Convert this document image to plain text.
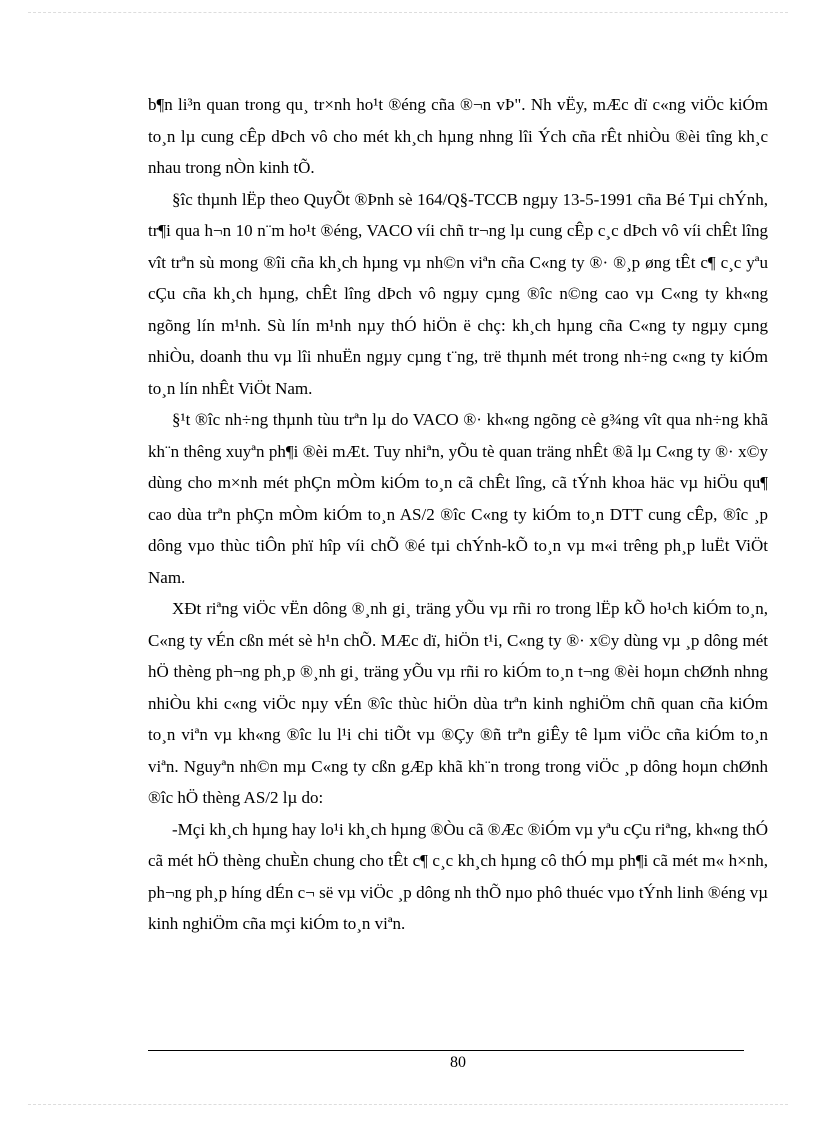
b¶n li³n quan trong qu¸ tr×nh ho¹t ®éng cña ®¬n vÞ". Nh vËy, mÆc dï c«ng viÖc kiÓm to¸n lµ cung cÊp dÞch vô cho mét kh¸ch hµng nhng lîi Ých cña rÊt nhiÒu ®èi tîng kh¸c nhau trong nÒn kinh tÕ.

§îc thµnh lËp theo QuyÕt ®Þnh sè 164/Q§-TCCB ngµy 13-5-1991 cña Bé Tµi chÝnh, tr¶i qua h¬n 10 n¨m ho¹t ®éng, VACO víi chñ tr¬ng lµ cung cÊp c¸c dÞch vô víi chÊt lîng vît trªn sù mong ®îi cña kh¸ch hµng vµ nh©n viªn cña C«ng ty ®· ®¸p øng tÊt c¶ c¸c yªu cÇu cña kh¸ch hµng, chÊt lîng dÞch vô ngµy cµng ®îc n©ng cao vµ C«ng ty kh«ng ngõng lín m¹nh. Sù lín m¹nh nµy thÓ hiÖn ë chç: kh¸ch hµng cña C«ng ty ngµy cµng nhiÒu, doanh thu vµ lîi nhuËn ngµy cµng t¨ng, trë thµnh mét trong nh÷ng c«ng ty kiÓm to¸n lín nhÊt ViÖt Nam.

§¹t ®îc nh÷ng thµnh tùu trªn lµ do VACO ®· kh«ng ngõng cè g¾ng vît qua nh÷ng khã kh¨n thêng xuyªn ph¶i ®èi mÆt. Tuy nhiªn, yÕu tè quan träng nhÊt ®ã lµ C«ng ty ®· x©y dùng cho m×nh mét phÇn mÒm kiÓm to¸n cã chÊt lîng, cã tÝnh khoa häc vµ hiÖu qu¶ cao dùa trªn phÇn mÒm kiÓm to¸n AS/2 ®îc C«ng ty kiÓm to¸n DTT cung cÊp, ®îc ¸p dông vµo thùc tiÔn phï hîp víi chÕ ®é tµi chÝnh-kÕ to¸n vµ m«i trêng ph¸p luËt ViÖt Nam.

XÐt riªng viÖc vËn dông ®¸nh gi¸ träng yÕu vµ rñi ro trong lËp kÕ ho¹ch kiÓm to¸n, C«ng ty vÉn cßn mét sè h¹n chÕ. MÆc dï, hiÖn t¹i, C«ng ty ®· x©y dùng vµ ¸p dông mét hÖ thèng ph¬ng ph¸p ®¸nh gi¸ träng yÕu vµ rñi ro kiÓm to¸n t¬ng ®èi hoµn chØnh nhng nhiÒu khi c«ng viÖc nµy vÉn ®îc thùc hiÖn dùa trªn kinh nghiÖm chñ quan cña kiÓm to¸n viªn vµ kh«ng ®îc lu l¹i chi tiÕt vµ ®Çy ®ñ trªn giÊy tê lµm viÖc cña kiÓm to¸n viªn. Nguyªn nh©n mµ C«ng ty cßn gÆp khã kh¨n trong trong viÖc ¸p dông hoµn chØnh ®îc hÖ thèng AS/2 lµ do:

-Mçi kh¸ch hµng hay lo¹i kh¸ch hµng ®Òu cã ®Æc ®iÓm vµ yªu cÇu riªng, kh«ng thÓ cã mét hÖ thèng chuÈn chung cho tÊt c¶ c¸c kh¸ch hµng cô thÓ mµ ph¶i cã mét m« h×nh, ph¬ng ph¸p híng dÉn c¬ së vµ viÖc ¸p dông nh thÕ nµo phô thuéc vµo tÝnh linh ®éng vµ kinh nghiÖm cña mçi kiÓm to¸n viªn.

80
